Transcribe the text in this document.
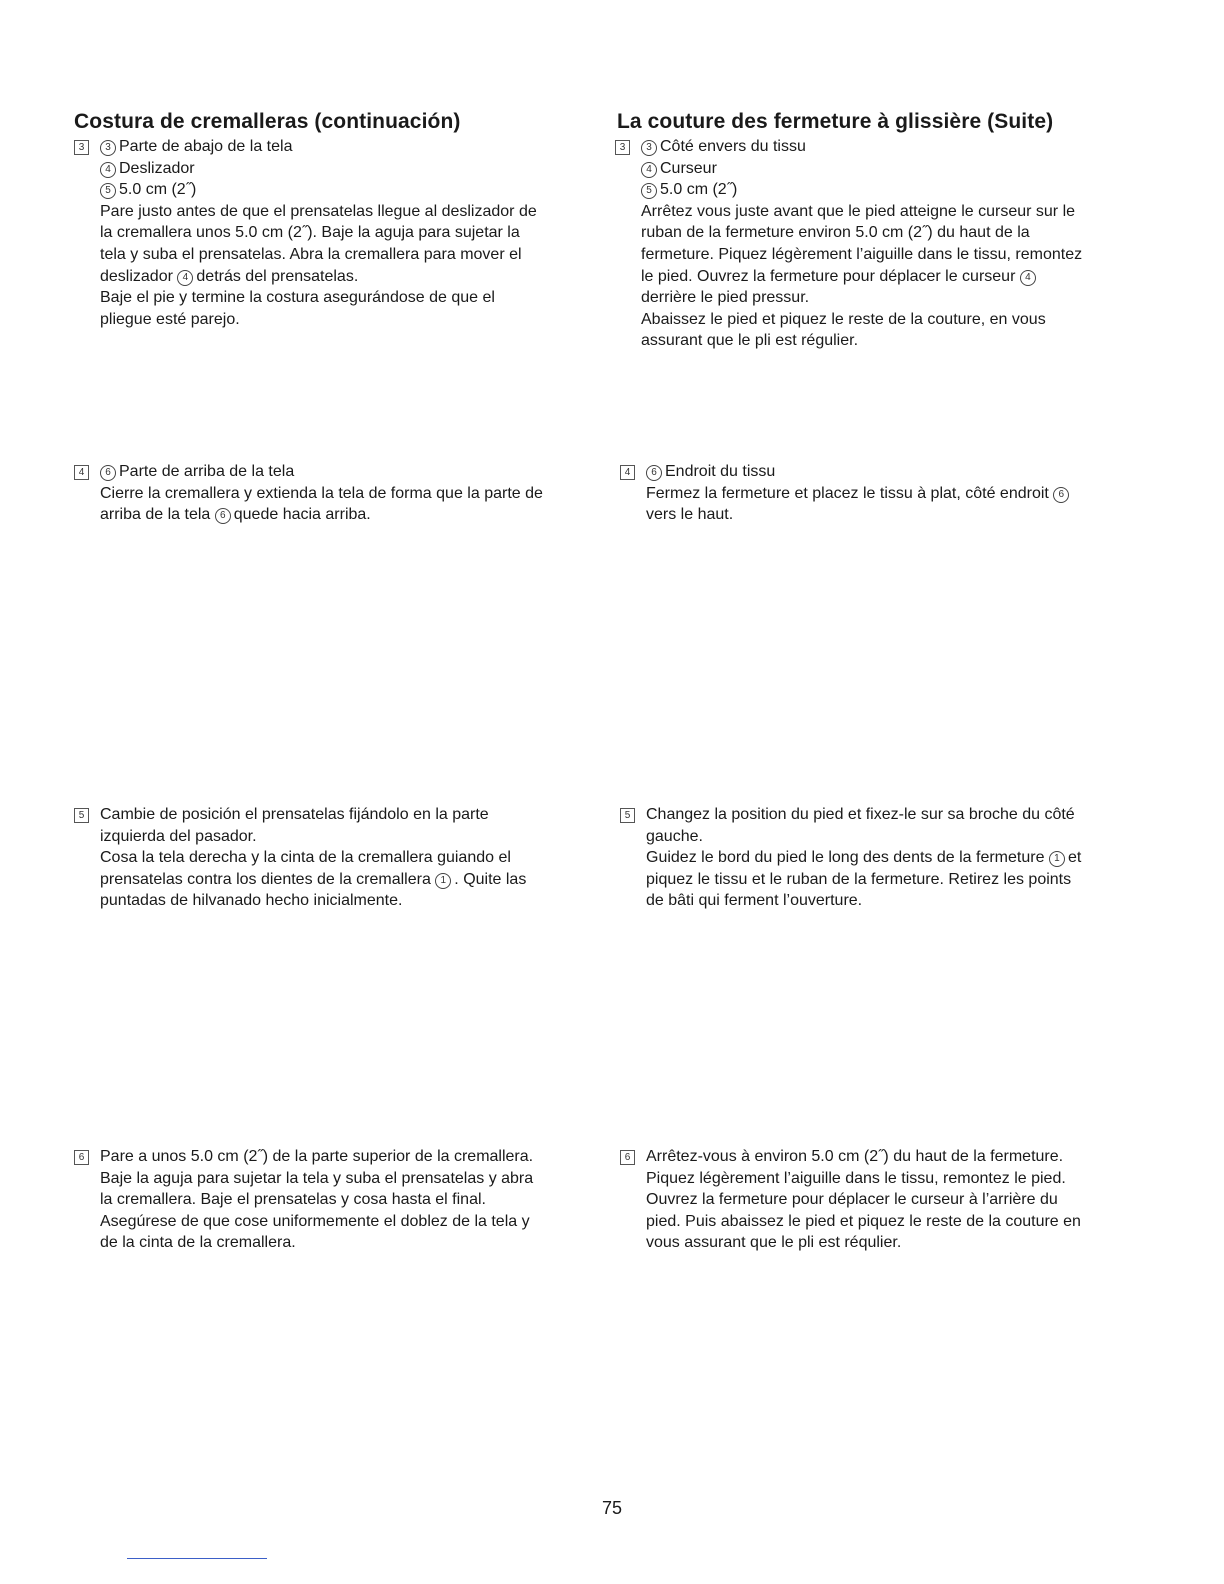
Costura de cremalleras (continuación)
3	3 Parte de abajo de la tela
4 Deslizador
5 5.0 cm (2˝)
Pare justo antes de que el prensatelas llegue al deslizador de
la cremallera unos 5.0 cm (2˝). Baje la aguja para sujetar la
tela y suba el prensatelas. Abra la cremallera para mover el
deslizador 4 detrás del prensatelas.
Baje el pie y termine la costura asegurándose de que el
pliegue esté parejo.
4	6 Parte de arriba de la tela
Cierre la cremallera y extienda la tela de forma que la parte de
arriba de la tela 6 quede hacia arriba.
5 Cambie de posición el prensatelas fijándolo en la parte
izquierda del pasador.
Cosa la tela derecha y la cinta de la cremallera guiando el
prensatelas contra los dientes de la cremallera 1 . Quite las
puntadas de hilvanado hecho inicialmente.
6 Pare a unos 5.0 cm (2˝) de la parte superior de la cremallera.
Baje la aguja para sujetar la tela y suba el prensatelas y abra
la cremallera. Baje el prensatelas y cosa hasta el final.
Asegúrese de que cose uniformemente el doblez de la tela y
de la cinta de la cremallera.
La couture des fermeture à glissière (Suite)
3	3 Côté envers du tissu
4 Curseur
5 5.0 cm (2˝)
Arrêtez vous juste avant que le pied atteigne le curseur sur le
ruban de la fermeture environ 5.0 cm (2˝) du haut de la
fermeture. Piquez légèrement l’aiguille dans le tissu, remontez
le pied. Ouvrez la fermeture pour déplacer le curseur 4
derrière le pied pressur.
Abaissez le pied et piquez le reste de la couture, en vous
assurant que le pli est régulier.
4	6 Endroit du tissu
Fermez la fermeture et placez le tissu à plat, côté endroit 6
vers le haut.
5 Changez la position du pied et fixez-le sur sa broche du côté
gauche.
Guidez le bord du pied le long des dents de la fermeture 1 et
piquez le tissu et le ruban de la fermeture. Retirez les points
de bâti qui ferment l’ouverture.
6 Arrêtez-vous à environ 5.0 cm (2˝) du haut de la fermeture.
Piquez légèrement l’aiguille dans le tissu, remontez le pied.
Ouvrez la fermeture pour déplacer le curseur à l’arrière du
pied. Puis abaissez le pied et piquez le reste de la couture en
vous assurant que le pli est réqulier.
75
